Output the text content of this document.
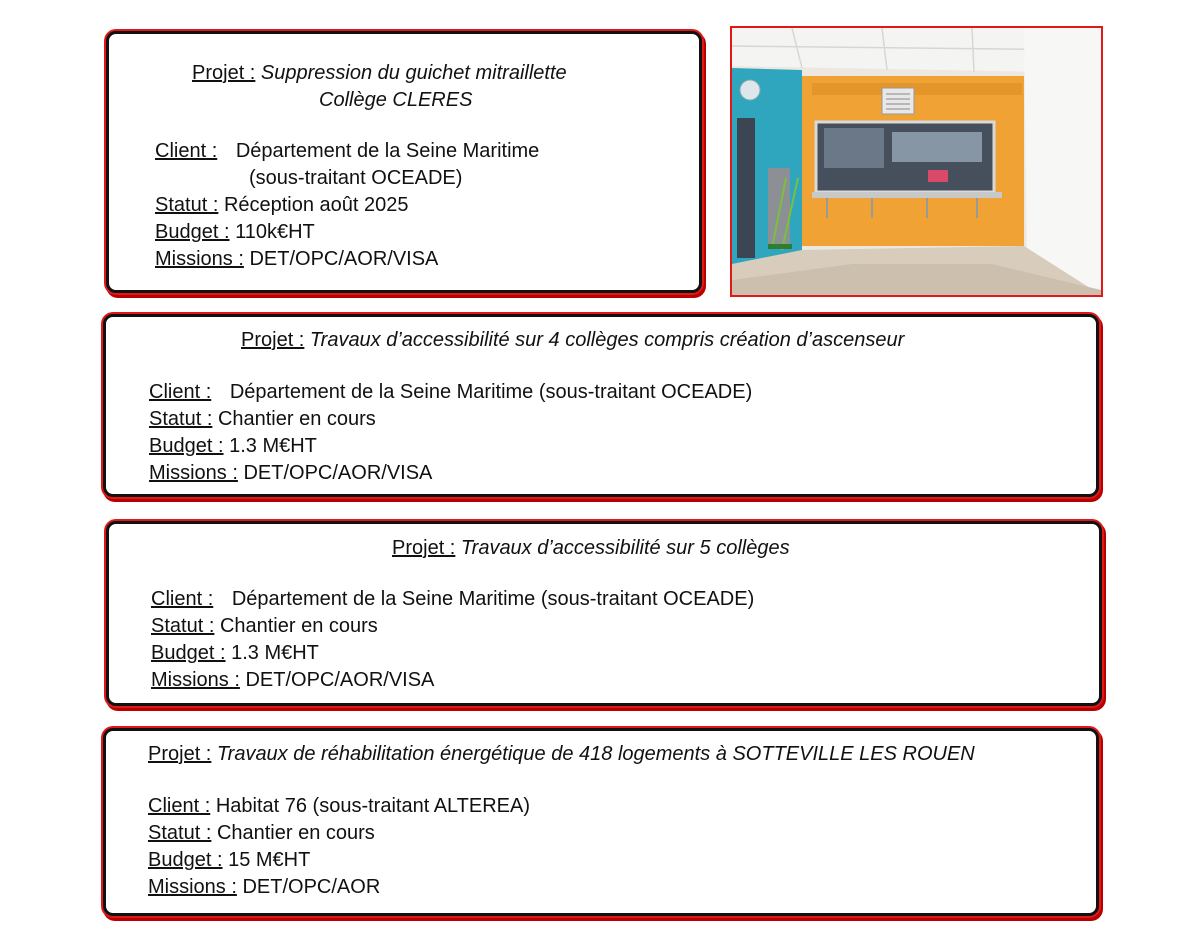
Projet : Suppression du guichet mitraillette
Collège CLERES
Client : Département de la Seine Maritime
(sous-traitant OCEADE)
Statut : Réception août 2025
Budget : 110k€HT
Missions : DET/OPC/AOR/VISA
Projet : Travaux d’accessibilité sur 4 collèges compris création d’ascenseur
Client : Département de la Seine Maritime (sous-traitant OCEADE)
Statut : Chantier en cours
Budget : 1.3 M€HT
Missions : DET/OPC/AOR/VISA
Projet : Travaux d’accessibilité sur 5 collèges
Client : Département de la Seine Maritime (sous-traitant OCEADE)
Statut : Chantier en cours
Budget : 1.3 M€HT
Missions : DET/OPC/AOR/VISA
Projet : Travaux de réhabilitation énergétique de 418 logements à SOTTEVILLE LES ROUEN
Client : Habitat 76 (sous-traitant ALTEREA)
Statut : Chantier en cours
Budget : 15 M€HT
Missions : DET/OPC/AOR
